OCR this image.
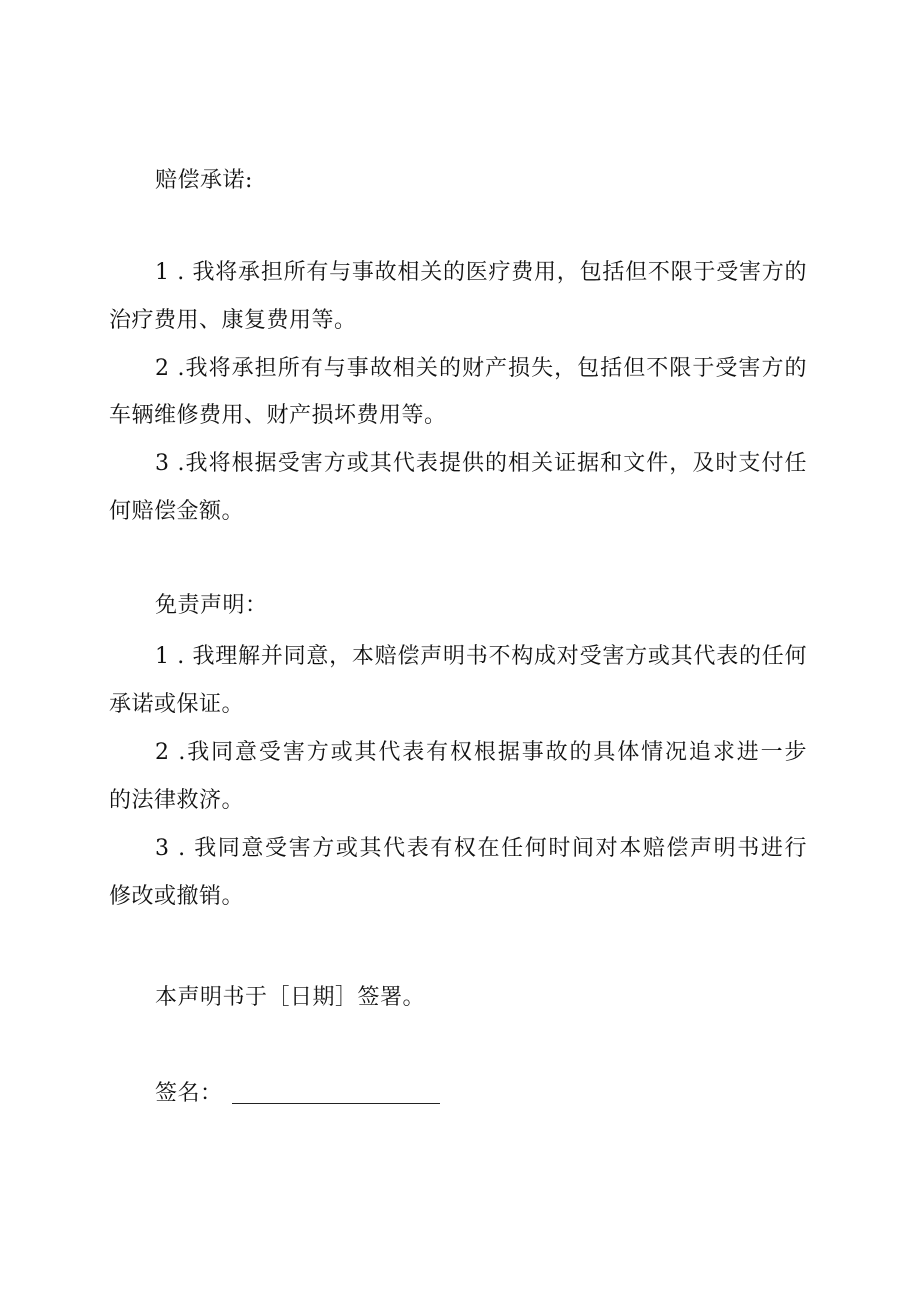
赔偿承诺:
1 . 我将承担所有与事故相关的医疗费用，包括但不限于受害方的
治疗费用、康复费用等。
2 .我将承担所有与事故相关的财产损失，包括但不限于受害方的
车辆维修费用、财产损坏费用等。
3 .我将根据受害方或其代表提供的相关证据和文件，及时支付任
何赔偿金额。
免责声明：
1 . 我理解并同意，本赔偿声明书不构成对受害方或其代表的任何
承诺或保证。
2 .我同意受害方或其代表有权根据事故的具体情况追求进一步
的法律救济。
3 . 我同意受害方或其代表有权在任何时间对本赔偿声明书进行
修改或撤销。
本声明书于［日期］签署。
签名：
